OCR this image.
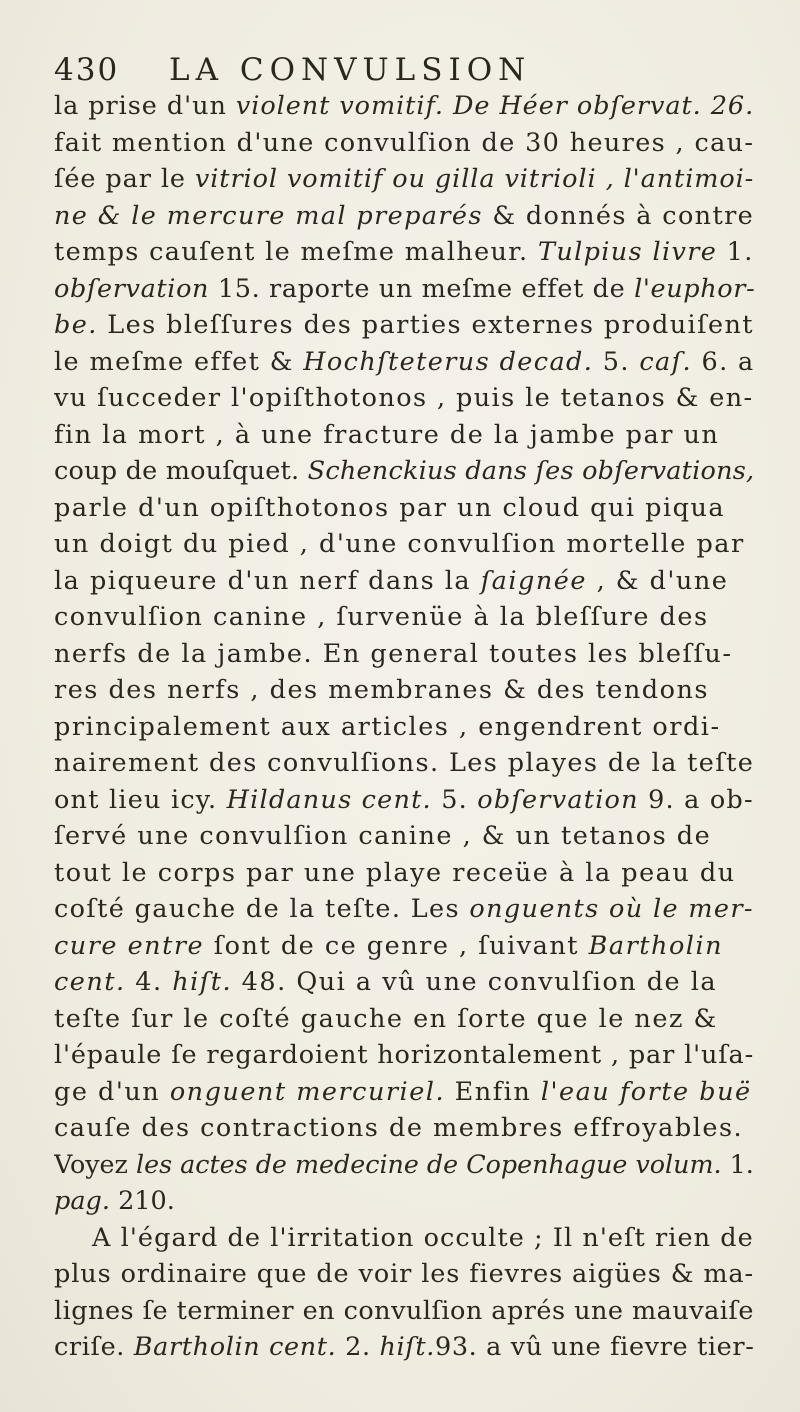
430 LA CONVULSION
la prise d'un violent vomitif. De Héer obſervat. 26.
fait mention d'une convulſion de 30 heures , cau-
ſée par le vitriol vomitif ou gilla vitrioli , l'antimoi-
ne & le mercure mal preparés & donnés à contre
temps cauſent le meſme malheur. Tulpius livre 1.
obſervation 15. raporte un meſme effet de l'euphor-
be. Les bleſſures des parties externes produiſent
le meſme effet & Hochſteterus decad. 5. caſ. 6. a
vu ſucceder l'opiſthotonos , puis le tetanos & en-
fin la mort , à une fracture de la jambe par un
coup de mouſquet. Schenckius dans ſes obſervations,
parle d'un opiſthotonos par un cloud qui piqua
un doigt du pied , d'une convulſion mortelle par
la piqueure d'un nerf dans la ſaignée , & d'une
convulſion canine , ſurvenüe à la bleſſure des
nerfs de la jambe. En general toutes les bleſſu-
res des nerfs , des membranes & des tendons
principalement aux articles , engendrent ordi-
nairement des convulſions. Les playes de la teſte
ont lieu icy. Hildanus cent. 5. obſervation 9. a ob-
ſervé une convulſion canine , & un tetanos de
tout le corps par une playe receüe à la peau du
coſté gauche de la teſte. Les onguents où le mer-
cure entre ſont de ce genre , ſuivant Bartholin
cent. 4. hiſt. 48. Qui a vû une convulſion de la
teſte ſur le coſté gauche en ſorte que le nez &
l'épaule ſe regardoient horizontalement , par l'uſa-
ge d'un onguent mercuriel. Enfin l'eau forte buë
cauſe des contractions de membres effroyables.
Voyez les actes de medecine de Copenhague volum. 1.
pag. 210.
A l'égard de l'irritation occulte ; Il n'eſt rien de
plus ordinaire que de voir les fievres aigües & ma-
lignes ſe terminer en convulſion aprés une mauvaiſe
criſe. Bartholin cent. 2. hiſt.93. a vû une fievre tier-
